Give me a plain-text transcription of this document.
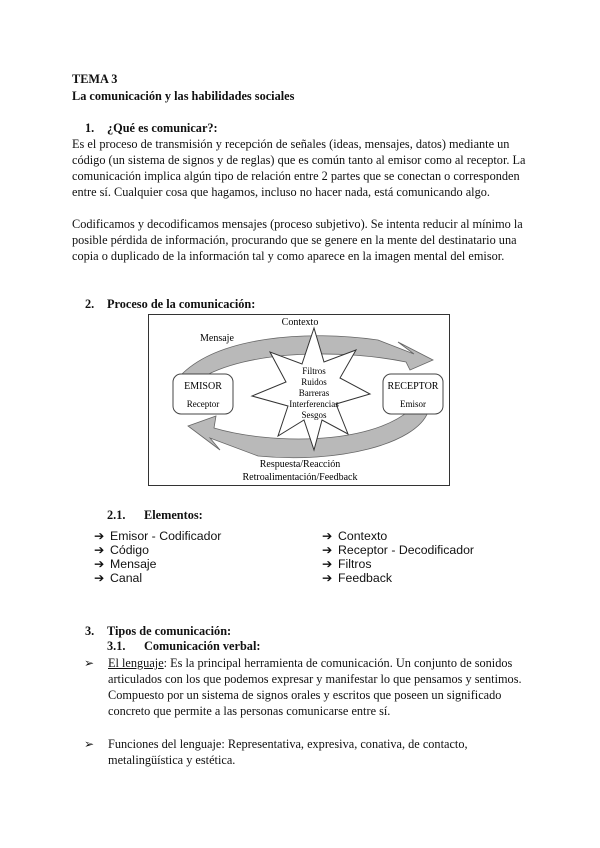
TEMA 3
La comunicación y las habilidades sociales
1. ¿Qué es comunicar?:
Es el proceso de transmisión y recepción de señales (ideas, mensajes, datos) mediante un
código (un sistema de signos y de reglas) que es común tanto al emisor como al receptor. La
comunicación implica algún tipo de relación entre 2 partes que se conectan o corresponden
entre sí. Cualquier cosa que hagamos, incluso no hacer nada, está comunicando algo.
Codificamos y decodificamos mensajes (proceso subjetivo). Se intenta reducir al mínimo la
posible pérdida de información, procurando que se genere en la mente del destinatario una
copia o duplicado de la información tal y como aparece en la imagen mental del emisor.
2. Proceso de la comunicación:
EMISOR
Receptor
RECEPTOR
Emisor
Filtros
Ruidos
Barreras
Interferencias
Sesgos
Contexto
Mensaje
Respuesta/Reacción
Retroalimentación/Feedback
2.1. Elementos:
➔ Emisor - Codificador
➔ Código
➔ Mensaje
➔ Canal
➔ Contexto
➔ Receptor - Decodificador
➔ Filtros
➔ Feedback
3. Tipos de comunicación:
3.1. Comunicación verbal:
➢ El lenguaje: Es la principal herramienta de comunicación. Un conjunto de sonidos
articulados con los que podemos expresar y manifestar lo que pensamos y sentimos.
Compuesto por un sistema de signos orales y escritos que poseen un significado
concreto que permite a las personas comunicarse entre sí.
➢ Funciones del lenguaje: Representativa, expresiva, conativa, de contacto,
metalingüística y estética.
